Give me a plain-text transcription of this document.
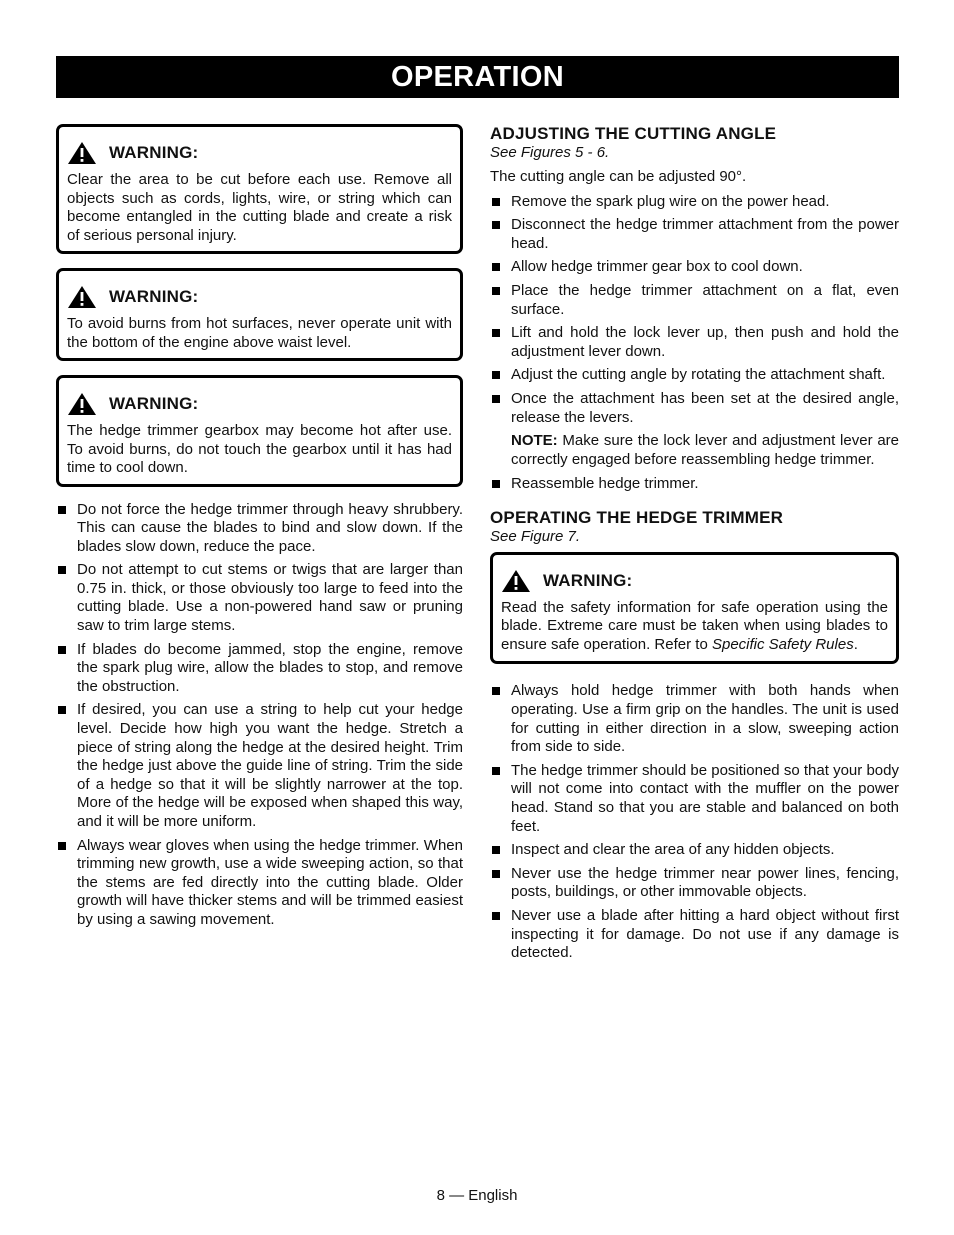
OPERATION
WARNING:
Clear the area to be cut before each use. Remove all objects such as cords, lights, wire, or string which can become entangled in the cutting blade and create a risk of serious personal injury.
WARNING:
To avoid burns from hot surfaces, never operate unit with the bottom of the engine above waist level.
WARNING:
The hedge trimmer gearbox may become hot after use. To avoid burns, do not touch the gearbox until it has had time to cool down.
Do not force the hedge trimmer through heavy shrubbery. This can cause the blades to bind and slow down. If the blades slow down, reduce the pace.
Do not attempt to cut stems or twigs that are larger than 0.75 in. thick, or those obviously too large to feed into the cutting blade. Use a non-powered hand saw or pruning saw to trim large stems.
If blades do become jammed, stop the engine, remove the spark plug wire, allow the blades to stop, and remove the obstruction.
If desired, you can use a string to help cut your hedge level. Decide how high you want the hedge. Stretch a piece of string along the hedge at the desired height. Trim the hedge just above the guide line of string. Trim the side of a hedge so that it will be slightly narrower at the top. More of the hedge will be exposed when shaped this way, and it will be more uniform.
Always wear gloves when using the hedge trimmer. When trimming new growth, use a wide sweeping action, so that the stems are fed directly into the cutting blade. Older growth will have thicker stems and will be trimmed easiest by using a sawing movement.
ADJUSTING THE CUTTING ANGLE
See Figures 5 - 6.
The cutting angle can be adjusted 90°.
Remove the spark plug wire on the power head.
Disconnect the hedge trimmer attachment from the power head.
Allow hedge trimmer gear box to cool down.
Place the hedge trimmer attachment on a flat, even surface.
Lift and hold the lock lever up, then push and hold the adjustment lever down.
Adjust the cutting angle by rotating the attachment shaft.
Once the attachment has been set at the desired angle, release the levers.
NOTE: Make sure the lock lever and adjustment lever are correctly engaged before reassembling hedge trimmer.
Reassemble hedge trimmer.
OPERATING THE HEDGE TRIMMER
See Figure 7.
WARNING:
Read the safety information for safe operation using the blade. Extreme care must be taken when using blades to ensure safe operation. Refer to Specific Safety Rules.
Always hold hedge trimmer with both hands when operating. Use a firm grip on the handles. The unit is used for cutting in either direction in a slow, sweeping action from side to side.
The hedge trimmer should be positioned so that your body will not come into contact with the muffler on the power head. Stand so that you are stable and balanced on both feet.
Inspect and clear the area of any hidden objects.
Never use the hedge trimmer near power lines, fencing, posts, buildings, or other immovable objects.
Never use a blade after hitting a hard object without first inspecting it for damage. Do not use if any damage is detected.
8 — English
